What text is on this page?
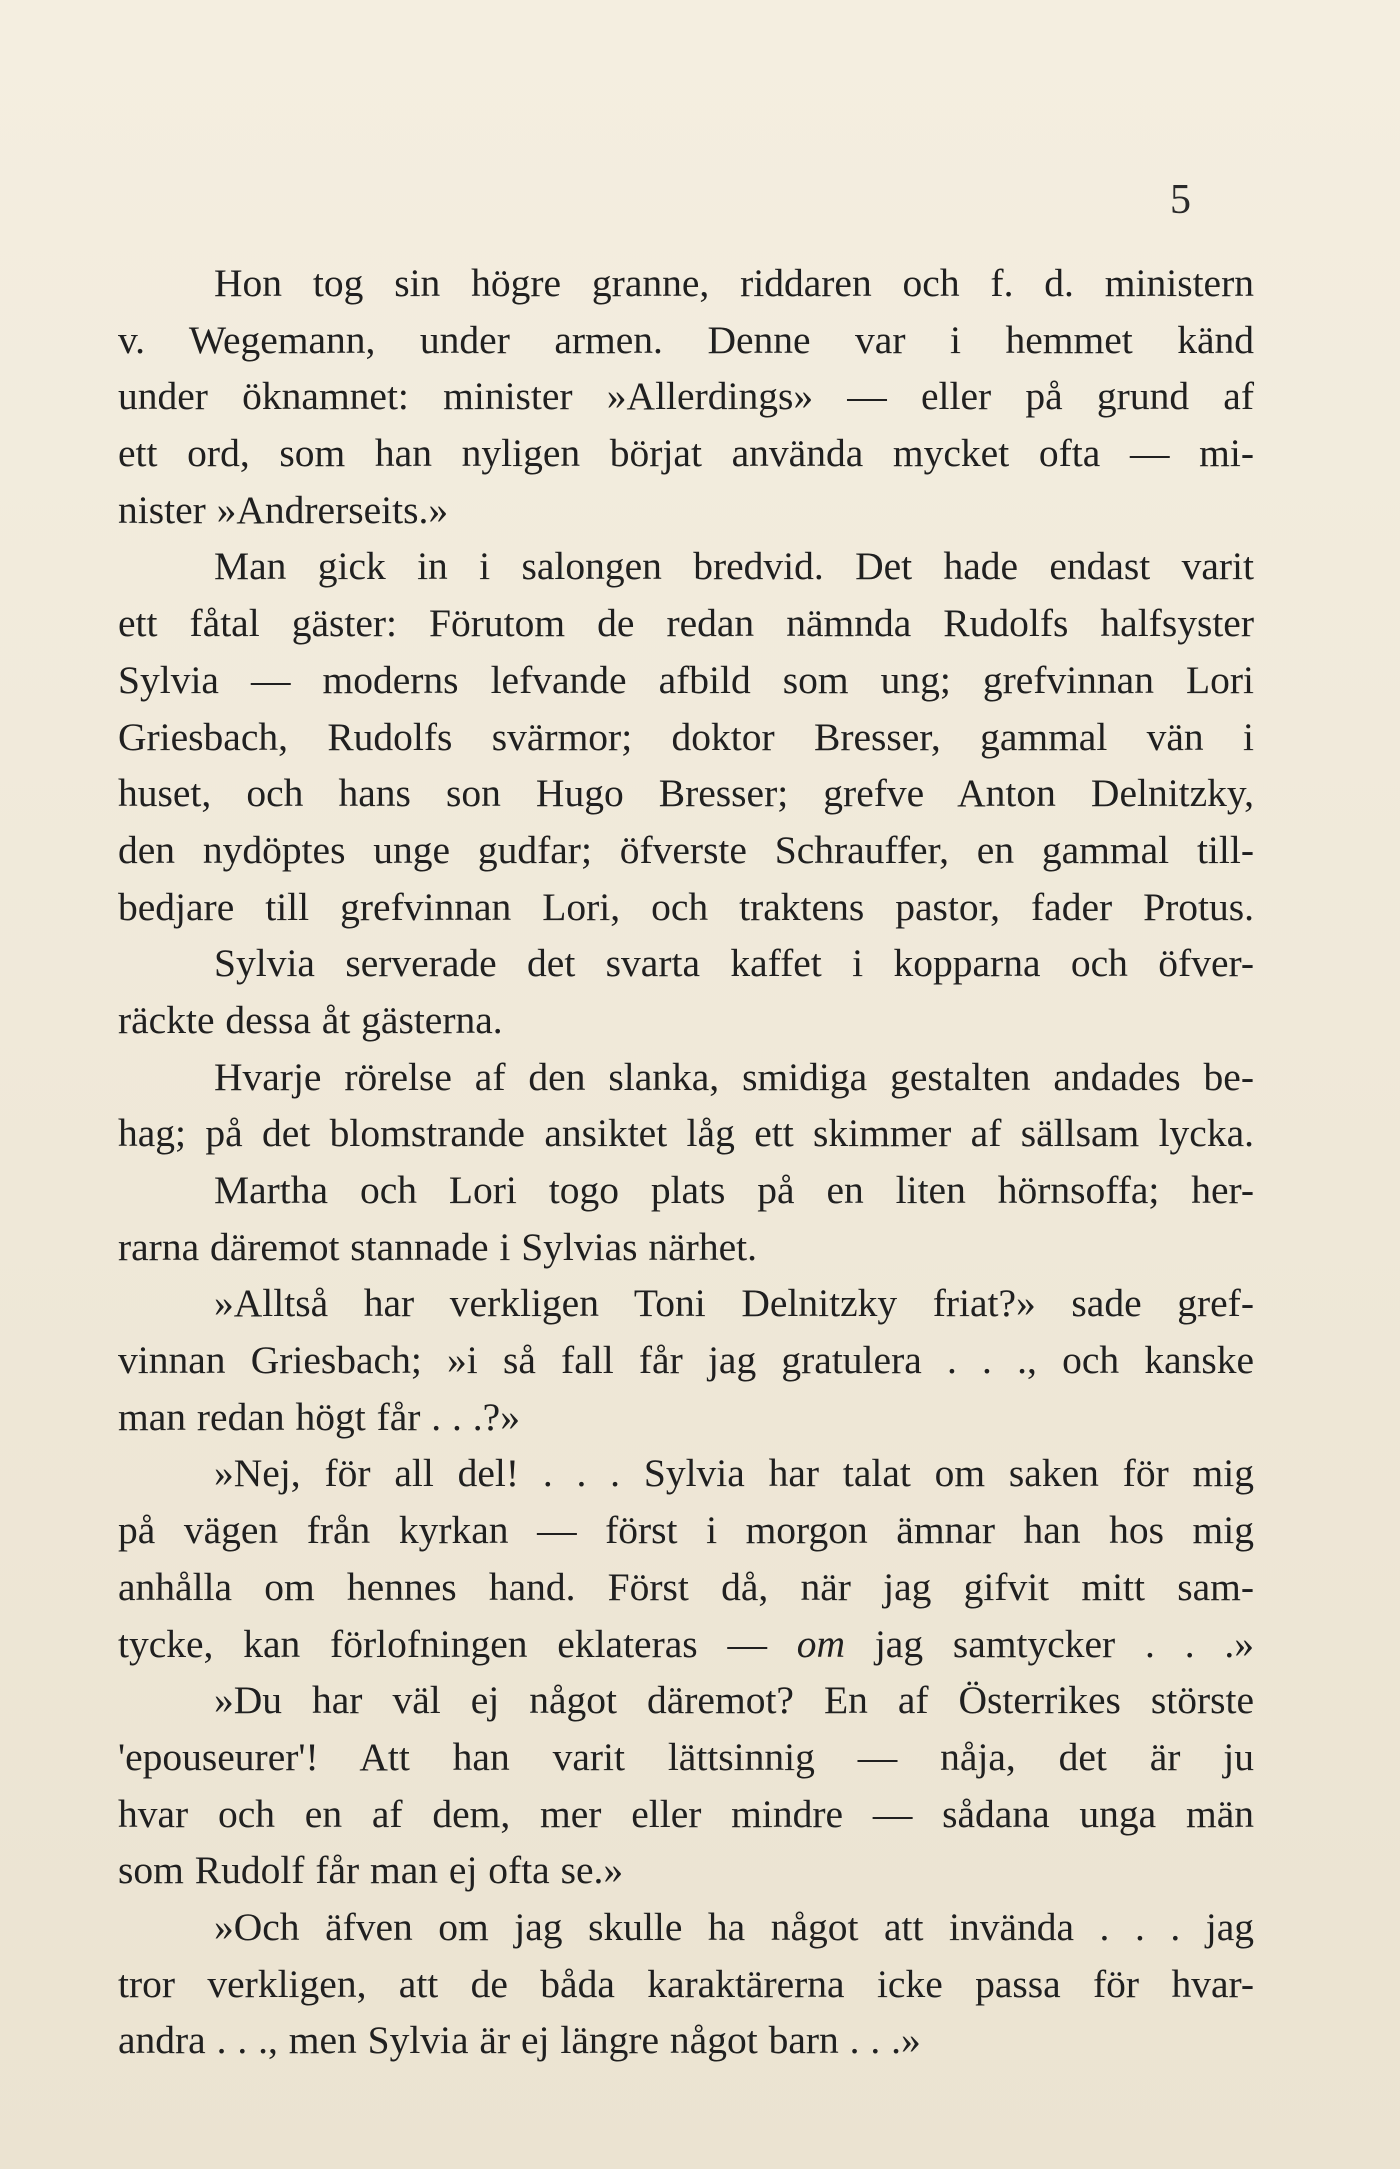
5
Hon tog sin högre granne, riddaren och f. d. ministern
v. Wegemann, under armen. Denne var i hemmet känd
under öknamnet: minister »Allerdings» — eller på grund af
ett ord, som han nyligen börjat använda mycket ofta — mi-
nister »Andrerseits.»
Man gick in i salongen bredvid. Det hade endast varit
ett fåtal gäster: Förutom de redan nämnda Rudolfs halfsyster
Sylvia — moderns lefvande afbild som ung; grefvinnan Lori
Griesbach, Rudolfs svärmor; doktor Bresser, gammal vän i
huset, och hans son Hugo Bresser; grefve Anton Delnitzky,
den nydöptes unge gudfar; öfverste Schrauffer, en gammal till-
bedjare till grefvinnan Lori, och traktens pastor, fader Protus.
Sylvia serverade det svarta kaffet i kopparna och öfver-
räckte dessa åt gästerna.
Hvarje rörelse af den slanka, smidiga gestalten andades be-
hag; på det blomstrande ansiktet låg ett skimmer af sällsam lycka.
Martha och Lori togo plats på en liten hörnsoffa; her-
rarna däremot stannade i Sylvias närhet.
»Alltså har verkligen Toni Delnitzky friat?» sade gref-
vinnan Griesbach; »i så fall får jag gratulera . . ., och kanske
man redan högt får . . .?»
»Nej, för all del! . . . Sylvia har talat om saken för mig
på vägen från kyrkan — först i morgon ämnar han hos mig
anhålla om hennes hand. Först då, när jag gifvit mitt sam-
tycke, kan förlofningen eklateras — om jag samtycker . . .»
»Du har väl ej något däremot? En af Österrikes störste
'epouseurer'! Att han varit lättsinnig — nåja, det är ju
hvar och en af dem, mer eller mindre — sådana unga män
som Rudolf får man ej ofta se.»
»Och äfven om jag skulle ha något att invända . . . jag
tror verkligen, att de båda karaktärerna icke passa för hvar-
andra . . ., men Sylvia är ej längre något barn . . .»
